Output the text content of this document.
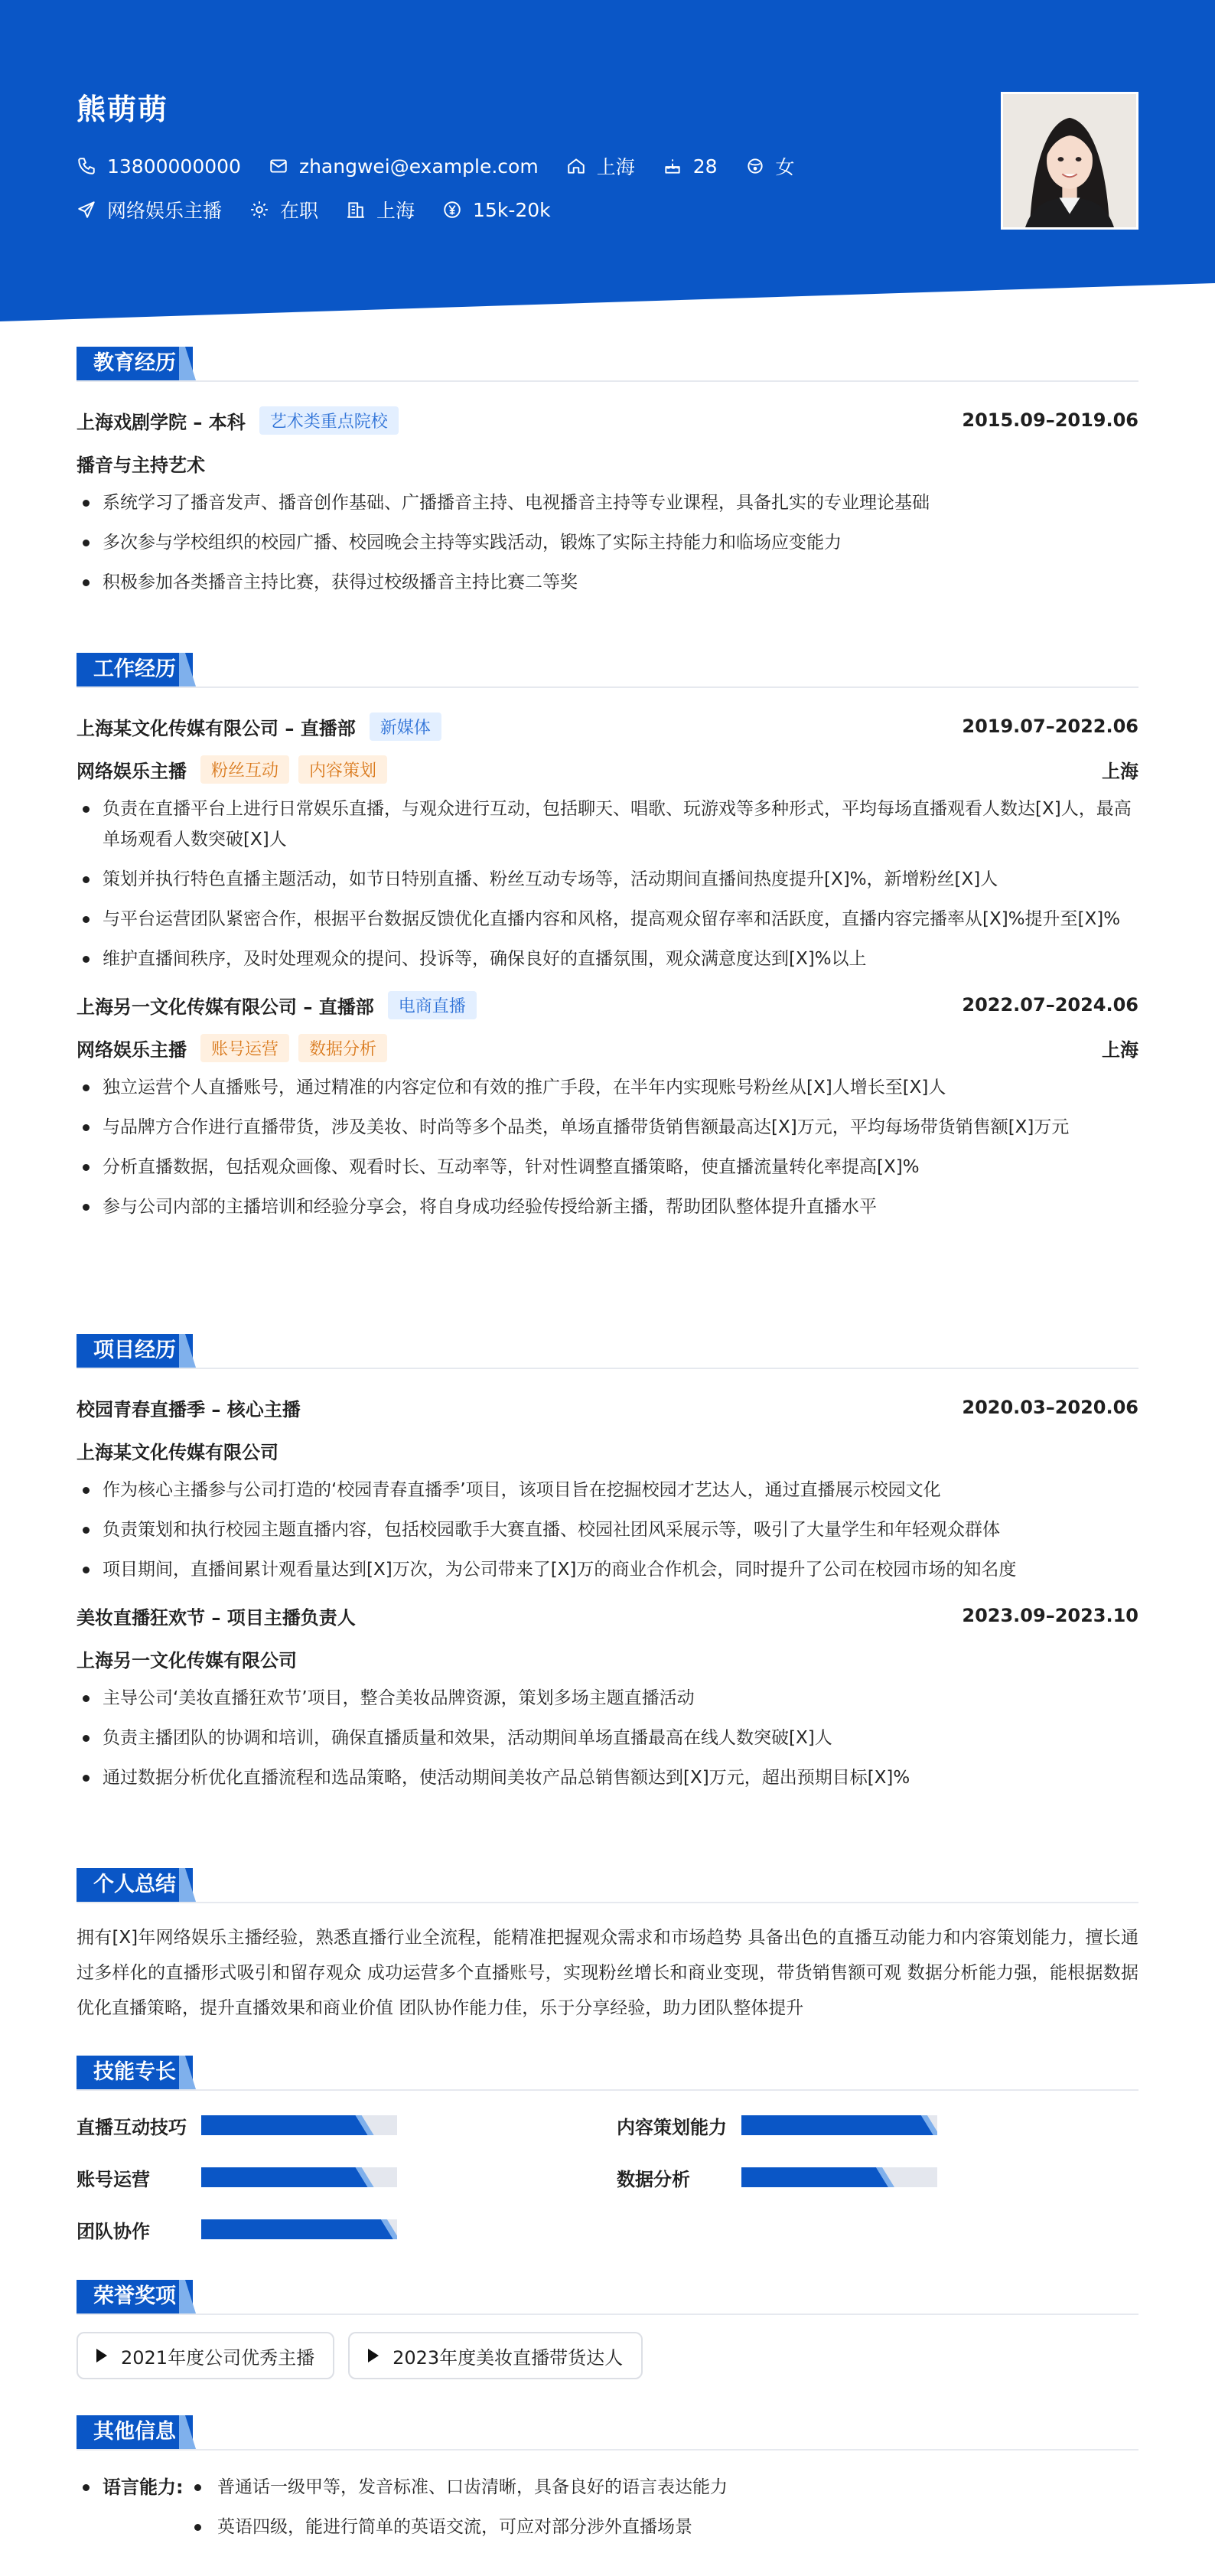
熊萌萌
13800000000	zhangwei@example.com	上海	28	女
网络娱乐主播	在职	上海	15k-20k
教育经历
上海戏剧学院 – 本科	艺术类重点院校	2015.09–2019.06
播音与主持艺术
系统学习了播音发声、播音创作基础、广播播音主持、电视播音主持等专业课程，具备扎实的专业理论基础
多次参与学校组织的校园广播、校园晚会主持等实践活动，锻炼了实际主持能力和临场应变能力
积极参加各类播音主持比赛，获得过校级播音主持比赛二等奖
工作经历
上海某文化传媒有限公司 – 直播部	新媒体	2019.07–2022.06
网络娱乐主播	粉丝互动	内容策划	上海
负责在直播平台上进行日常娱乐直播，与观众进行互动，包括聊天、唱歌、玩游戏等多种形式，平均每场直播观看人数达[X]人，最高单场观看人数突破[X]人
策划并执行特色直播主题活动，如节日特别直播、粉丝互动专场等，活动期间直播间热度提升[X]%，新增粉丝[X]人
与平台运营团队紧密合作，根据平台数据反馈优化直播内容和风格，提高观众留存率和活跃度，直播内容完播率从[X]%提升至[X]%
维护直播间秩序，及时处理观众的提问、投诉等，确保良好的直播氛围，观众满意度达到[X]%以上
上海另一文化传媒有限公司 – 直播部	电商直播	2022.07–2024.06
网络娱乐主播	账号运营	数据分析	上海
独立运营个人直播账号，通过精准的内容定位和有效的推广手段，在半年内实现账号粉丝从[X]人增长至[X]人
与品牌方合作进行直播带货，涉及美妆、时尚等多个品类，单场直播带货销售额最高达[X]万元，平均每场带货销售额[X]万元
分析直播数据，包括观众画像、观看时长、互动率等，针对性调整直播策略，使直播流量转化率提高[X]%
参与公司内部的主播培训和经验分享会，将自身成功经验传授给新主播，帮助团队整体提升直播水平
项目经历
校园青春直播季 – 核心主播	2020.03–2020.06
上海某文化传媒有限公司
作为核心主播参与公司打造的‘校园青春直播季’项目，该项目旨在挖掘校园才艺达人，通过直播展示校园文化
负责策划和执行校园主题直播内容，包括校园歌手大赛直播、校园社团风采展示等，吸引了大量学生和年轻观众群体
项目期间，直播间累计观看量达到[X]万次，为公司带来了[X]万的商业合作机会，同时提升了公司在校园市场的知名度
美妆直播狂欢节 – 项目主播负责人	2023.09–2023.10
上海另一文化传媒有限公司
主导公司‘美妆直播狂欢节’项目，整合美妆品牌资源，策划多场主题直播活动
负责主播团队的协调和培训，确保直播质量和效果，活动期间单场直播最高在线人数突破[X]人
通过数据分析优化直播流程和选品策略，使活动期间美妆产品总销售额达到[X]万元，超出预期目标[X]%
个人总结
拥有[X]年网络娱乐主播经验，熟悉直播行业全流程，能精准把握观众需求和市场趋势 具备出色的直播互动能力和内容策划能力，擅长通过多样化的直播形式吸引和留存观众 成功运营多个直播账号，实现粉丝增长和商业变现，带货销售额可观 数据分析能力强，能根据数据优化直播策略，提升直播效果和商业价值 团队协作能力佳，乐于分享经验，助力团队整体提升
技能专长
直播互动技巧	内容策划能力
账号运营	数据分析
团队协作
荣誉奖项
2021年度公司优秀主播	2023年度美妆直播带货达人
其他信息
语言能力:	普通话一级甲等，发音标准、口齿清晰，具备良好的语言表达能力
英语四级，能进行简单的英语交流，可应对部分涉外直播场景
